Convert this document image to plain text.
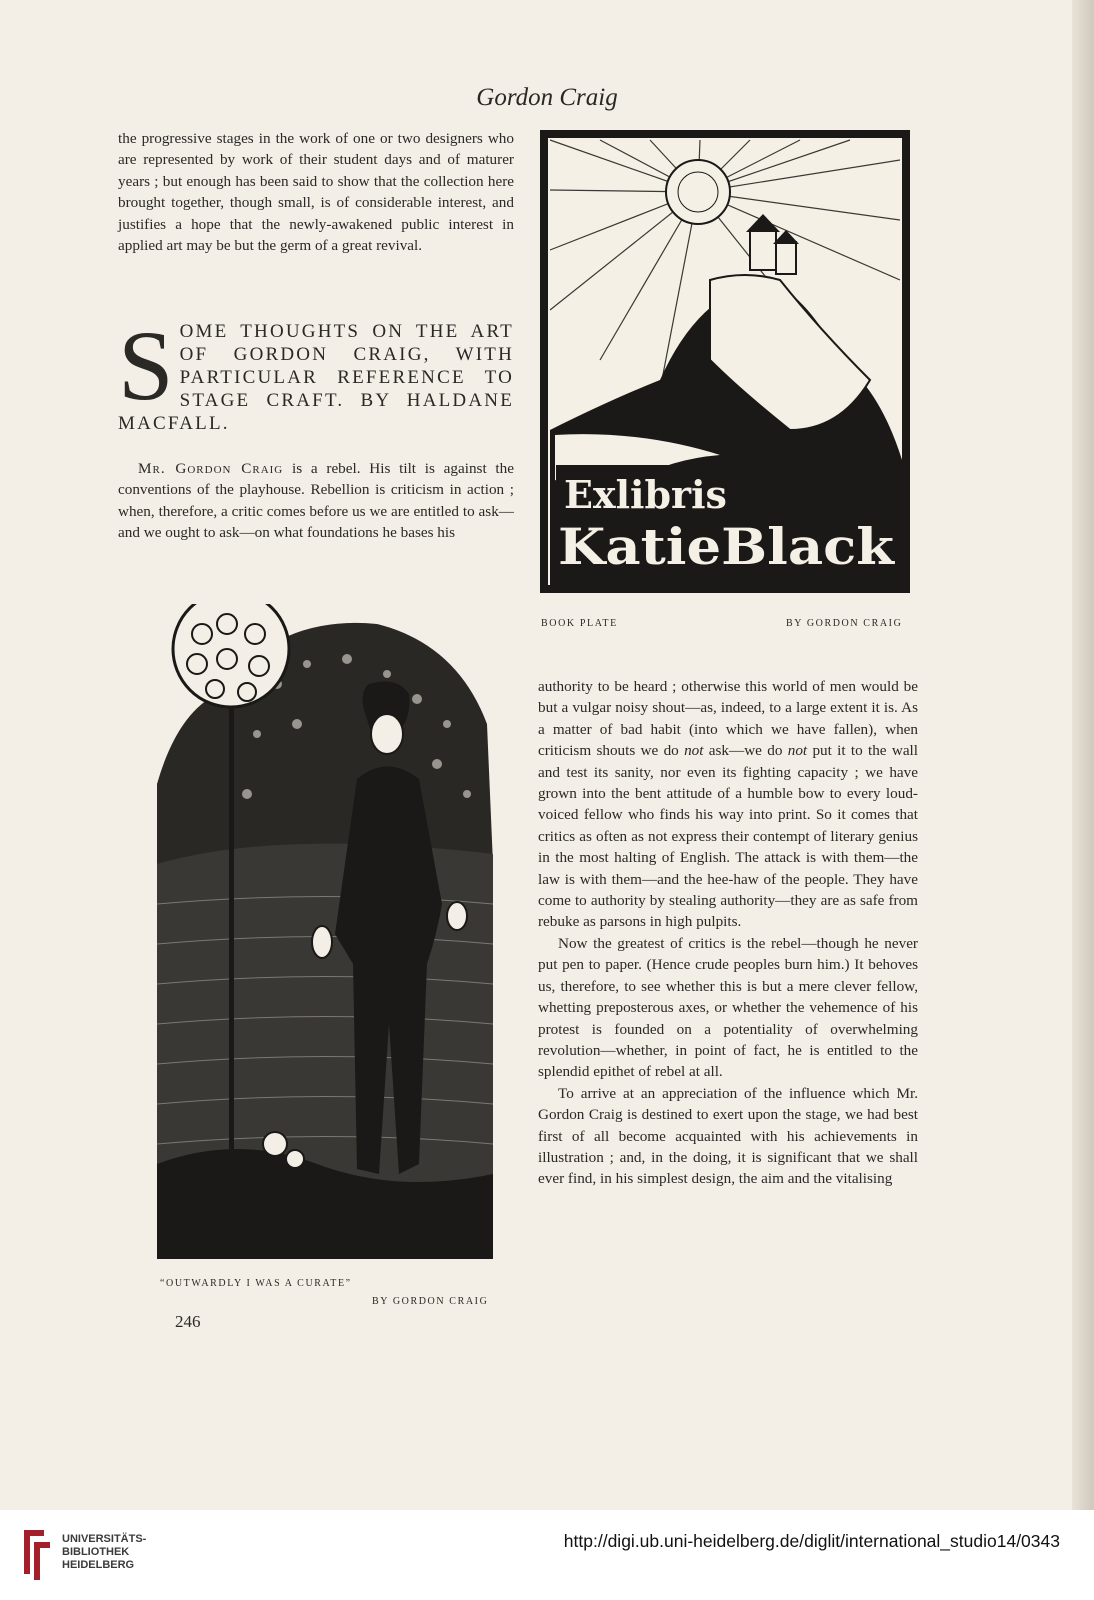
Gordon Craig

the progressive stages in the work of one or two designers who are represented by work of their student days and of maturer years ; but enough has been said to show that the collection here brought together, though small, is of considerable interest, and justifies a hope that the newly-awakened public interest in applied art may be but the germ of a great revival.

S OME THOUGHTS ON THE ART OF GORDON CRAIG, WITH PARTICULAR REFERENCE TO STAGE CRAFT. BY HALDANE MACFALL.

Mr. Gordon Craig is a rebel. His tilt is against the conventions of the playhouse. Rebellion is criticism in action ; when, therefore, a critic comes before us we are entitled to ask—and we ought to ask—on what foundations he bases his

Exlibris
KatieBlack
BOOK PLATE	BY GORDON CRAIG
“OUTWARDLY I WAS A CURATE”
BY GORDON CRAIG

authority to be heard ; otherwise this world of men would be but a vulgar noisy shout—as, indeed, to a large extent it is. As a matter of bad habit (into which we have fallen), when criticism shouts we do not ask—we do not put it to the wall and test its sanity, nor even its fighting capacity ; we have grown into the bent attitude of a humble bow to every loud-voiced fellow who finds his way into print. So it comes that critics as often as not express their contempt of literary genius in the most halting of English. The attack is with them—the law is with them—and the hee-haw of the people. They have come to authority by stealing authority—they are as safe from rebuke as parsons in high pulpits.

Now the greatest of critics is the rebel—though he never put pen to paper. (Hence crude peoples burn him.) It behoves us, therefore, to see whether this is but a mere clever fellow, whetting preposterous axes, or whether the vehemence of his protest is founded on a potentiality of overwhelming revolution—whether, in point of fact, he is entitled to the splendid epithet of rebel at all.

To arrive at an appreciation of the influence which Mr. Gordon Craig is destined to exert upon the stage, we had best first of all become acquainted with his achievements in illustration ; and, in the doing, it is significant that we shall ever find, in his simplest design, the aim and the vitalising

246
UNIVERSITÄTS-
BIBLIOTHEK
HEIDELBERG
http://digi.ub.uni-heidelberg.de/diglit/international_studio14/0343
